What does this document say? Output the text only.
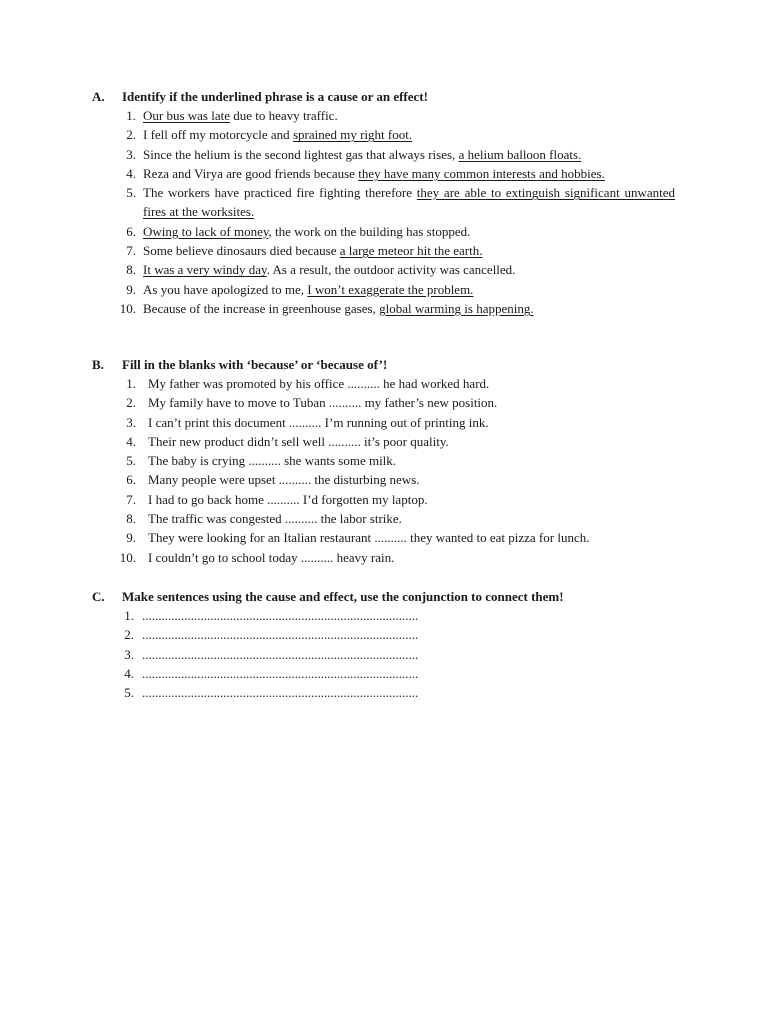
A.	Identify if the underlined phrase is a cause or an effect!
1. Our bus was late due to heavy traffic.
2. I fell off my motorcycle and sprained my right foot.
3. Since the helium is the second lightest gas that always rises, a helium balloon floats.
4. Reza and Virya are good friends because they have many common interests and hobbies.
5. The workers have practiced fire fighting therefore they are able to extinguish significant unwanted fires at the worksites.
6. Owing to lack of money, the work on the building has stopped.
7. Some believe dinosaurs died because a large meteor hit the earth.
8. It was a very windy day. As a result, the outdoor activity was cancelled.
9. As you have apologized to me, I won’t exaggerate the problem.
10. Because of the increase in greenhouse gases, global warming is happening.
B.	Fill in the blanks with ‘because’ or ‘because of’!
1. My father was promoted by his office .......... he had worked hard.
2. My family have to move to Tuban .......... my father’s new position.
3. I can’t print this document .......... I’m running out of printing ink.
4. Their new product didn’t sell well .......... it’s poor quality.
5. The baby is crying .......... she wants some milk.
6. Many people were upset .......... the disturbing news.
7. I had to go back home .......... I’d forgotten my laptop.
8. The traffic was congested .......... the labor strike.
9. They were looking for an Italian restaurant .......... they wanted to eat pizza for lunch.
10. I couldn’t go to school today .......... heavy rain.
C.	Make sentences using the cause and effect, use the conjunction to connect them!
1. .....................................................................................
2. .....................................................................................
3. .....................................................................................
4. .....................................................................................
5. .....................................................................................
